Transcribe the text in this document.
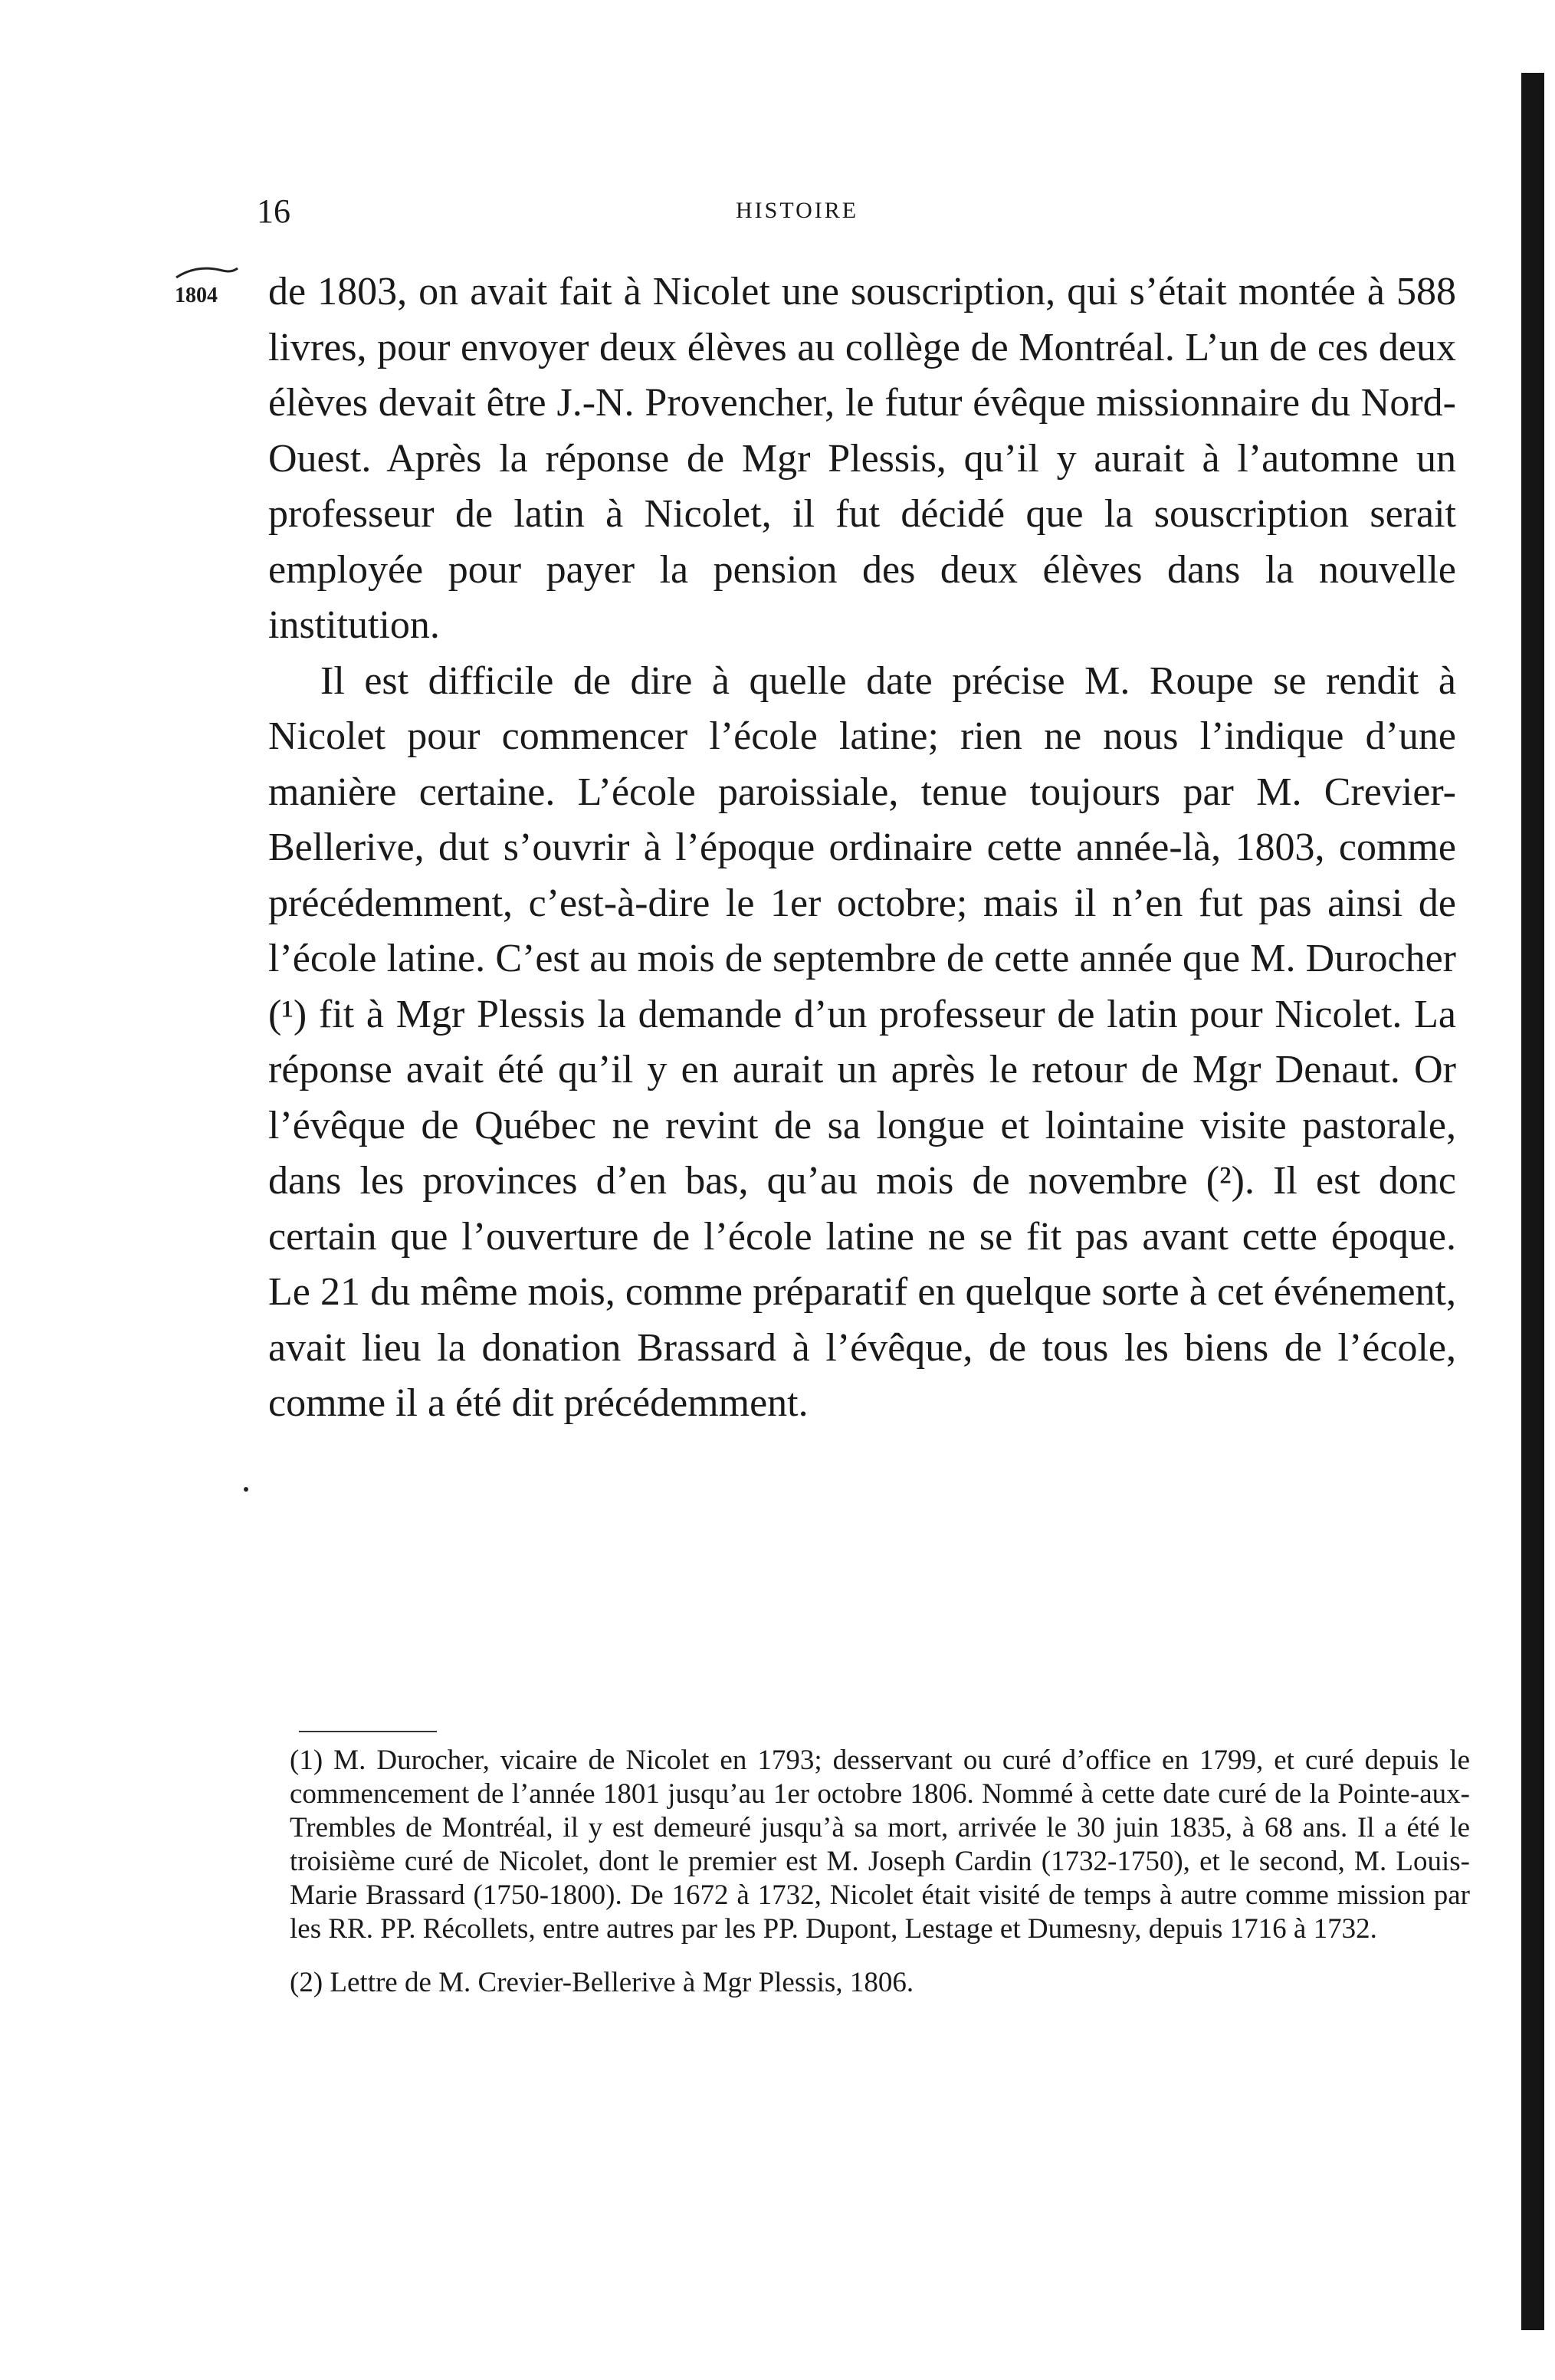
16	HISTOIRE
1804 de 1803, on avait fait à Nicolet une souscription, qui s’était montée à 588 livres, pour envoyer deux élèves au collège de Montréal. L’un de ces deux élèves devait être J.-N. Provencher, le futur évêque missionnaire du Nord-Ouest. Après la réponse de Mgr Plessis, qu’il y aurait à l’automne un professeur de latin à Nicolet, il fut décidé que la souscription serait employée pour payer la pension des deux élèves dans la nouvelle institution.

Il est difficile de dire à quelle date précise M. Roupe se rendit à Nicolet pour commencer l’école latine; rien ne nous l’indique d’une manière certaine. L’école paroissiale, tenue toujours par M. Crevier-Bellerive, dut s’ouvrir à l’époque ordinaire cette année-là, 1803, comme précédemment, c’est-à-dire le 1er octobre; mais il n’en fut pas ainsi de l’école latine. C’est au mois de septembre de cette année que M. Durocher (¹) fit à Mgr Plessis la demande d’un professeur de latin pour Nicolet. La réponse avait été qu’il y en aurait un après le retour de Mgr Denaut. Or l’évêque de Québec ne revint de sa longue et lointaine visite pastorale, dans les provinces d’en bas, qu’au mois de novembre (²). Il est donc certain que l’ouverture de l’école latine ne se fit pas avant cette époque. Le 21 du même mois, comme préparatif en quelque sorte à cet événement, avait lieu la donation Brassard à l’évêque, de tous les biens de l’école, comme il a été dit précédemment.

(1) M. Durocher, vicaire de Nicolet en 1793; desservant ou curé d’office en 1799, et curé depuis le commencement de l’année 1801 jusqu’au 1er octobre 1806. Nommé à cette date curé de la Pointe-aux-Trembles de Montréal, il y est demeuré jusqu’à sa mort, arrivée le 30 juin 1835, à 68 ans. Il a été le troisième curé de Nicolet, dont le premier est M. Joseph Cardin (1732-1750), et le second, M. Louis-Marie Brassard (1750-1800). De 1672 à 1732, Nicolet était visité de temps à autre comme mission par les RR. PP. Récollets, entre autres par les PP. Dupont, Lestage et Dumesny, depuis 1716 à 1732.

(2) Lettre de M. Crevier-Bellerive à Mgr Plessis, 1806.
